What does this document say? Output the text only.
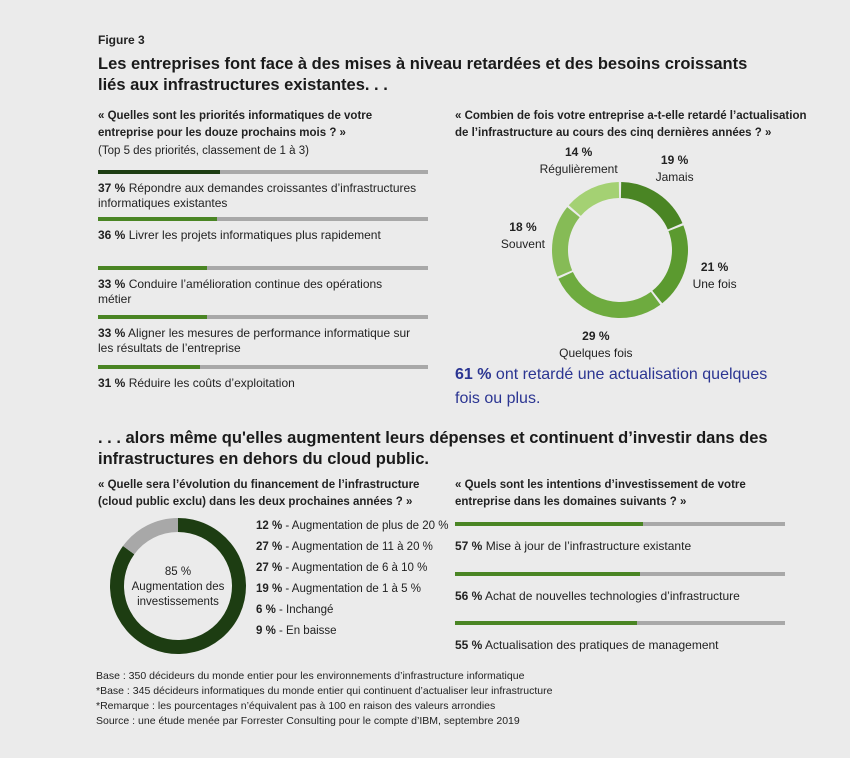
Figure 3
Les entreprises font face à des mises à niveau retardées et des besoins croissants
liés aux infrastructures existantes. . .
« Quelles sont les priorités informatiques de votre
entreprise pour les douze prochains mois ? »
(Top 5 des priorités, classement de 1 à 3)
37 % Répondre aux demandes croissantes d’infrastructures informatiques existantes
36 % Livrer les projets informatiques plus rapidement
33 % Conduire l’amélioration continue des opérations métier
33 % Aligner les mesures de performance informatique sur les résultats de l’entreprise
31 % Réduire les coûts d’exploitation
« Combien de fois votre entreprise a-t-elle retardé l’actualisation
de l’infrastructure au cours des cinq dernières années ? »
19 %
Jamais
21 %
Une fois
29 %
Quelques fois
18 %
Souvent
14 %
Régulièrement
61 % ont retardé une actualisation quelques fois ou plus.
. . . alors même qu'elles augmentent leurs dépenses et continuent d’investir dans des
infrastructures en dehors du cloud public.
« Quelle sera l’évolution du financement de l’infrastructure
(cloud public exclu) dans les deux prochaines années ? »
85 %
Augmentation des
investissements
12 % - Augmentation de plus de 20 %
27 % - Augmentation de 11 à 20 %
27 % - Augmentation de 6 à 10 %
19 % - Augmentation de 1 à 5 %
6 % - Inchangé
9 % - En baisse
« Quels sont les intentions d’investissement de votre
entreprise dans les domaines suivants ? »
57 % Mise à jour de l’infrastructure existante
56 % Achat de nouvelles technologies d’infrastructure
55 % Actualisation des pratiques de management
Base : 350 décideurs du monde entier pour les environnements d’infrastructure informatique
*Base : 345 décideurs informatiques du monde entier qui continuent d’actualiser leur infrastructure
*Remarque : les pourcentages n’équivalent pas à 100 en raison des valeurs arrondies
Source : une étude menée par Forrester Consulting pour le compte d’IBM, septembre 2019
